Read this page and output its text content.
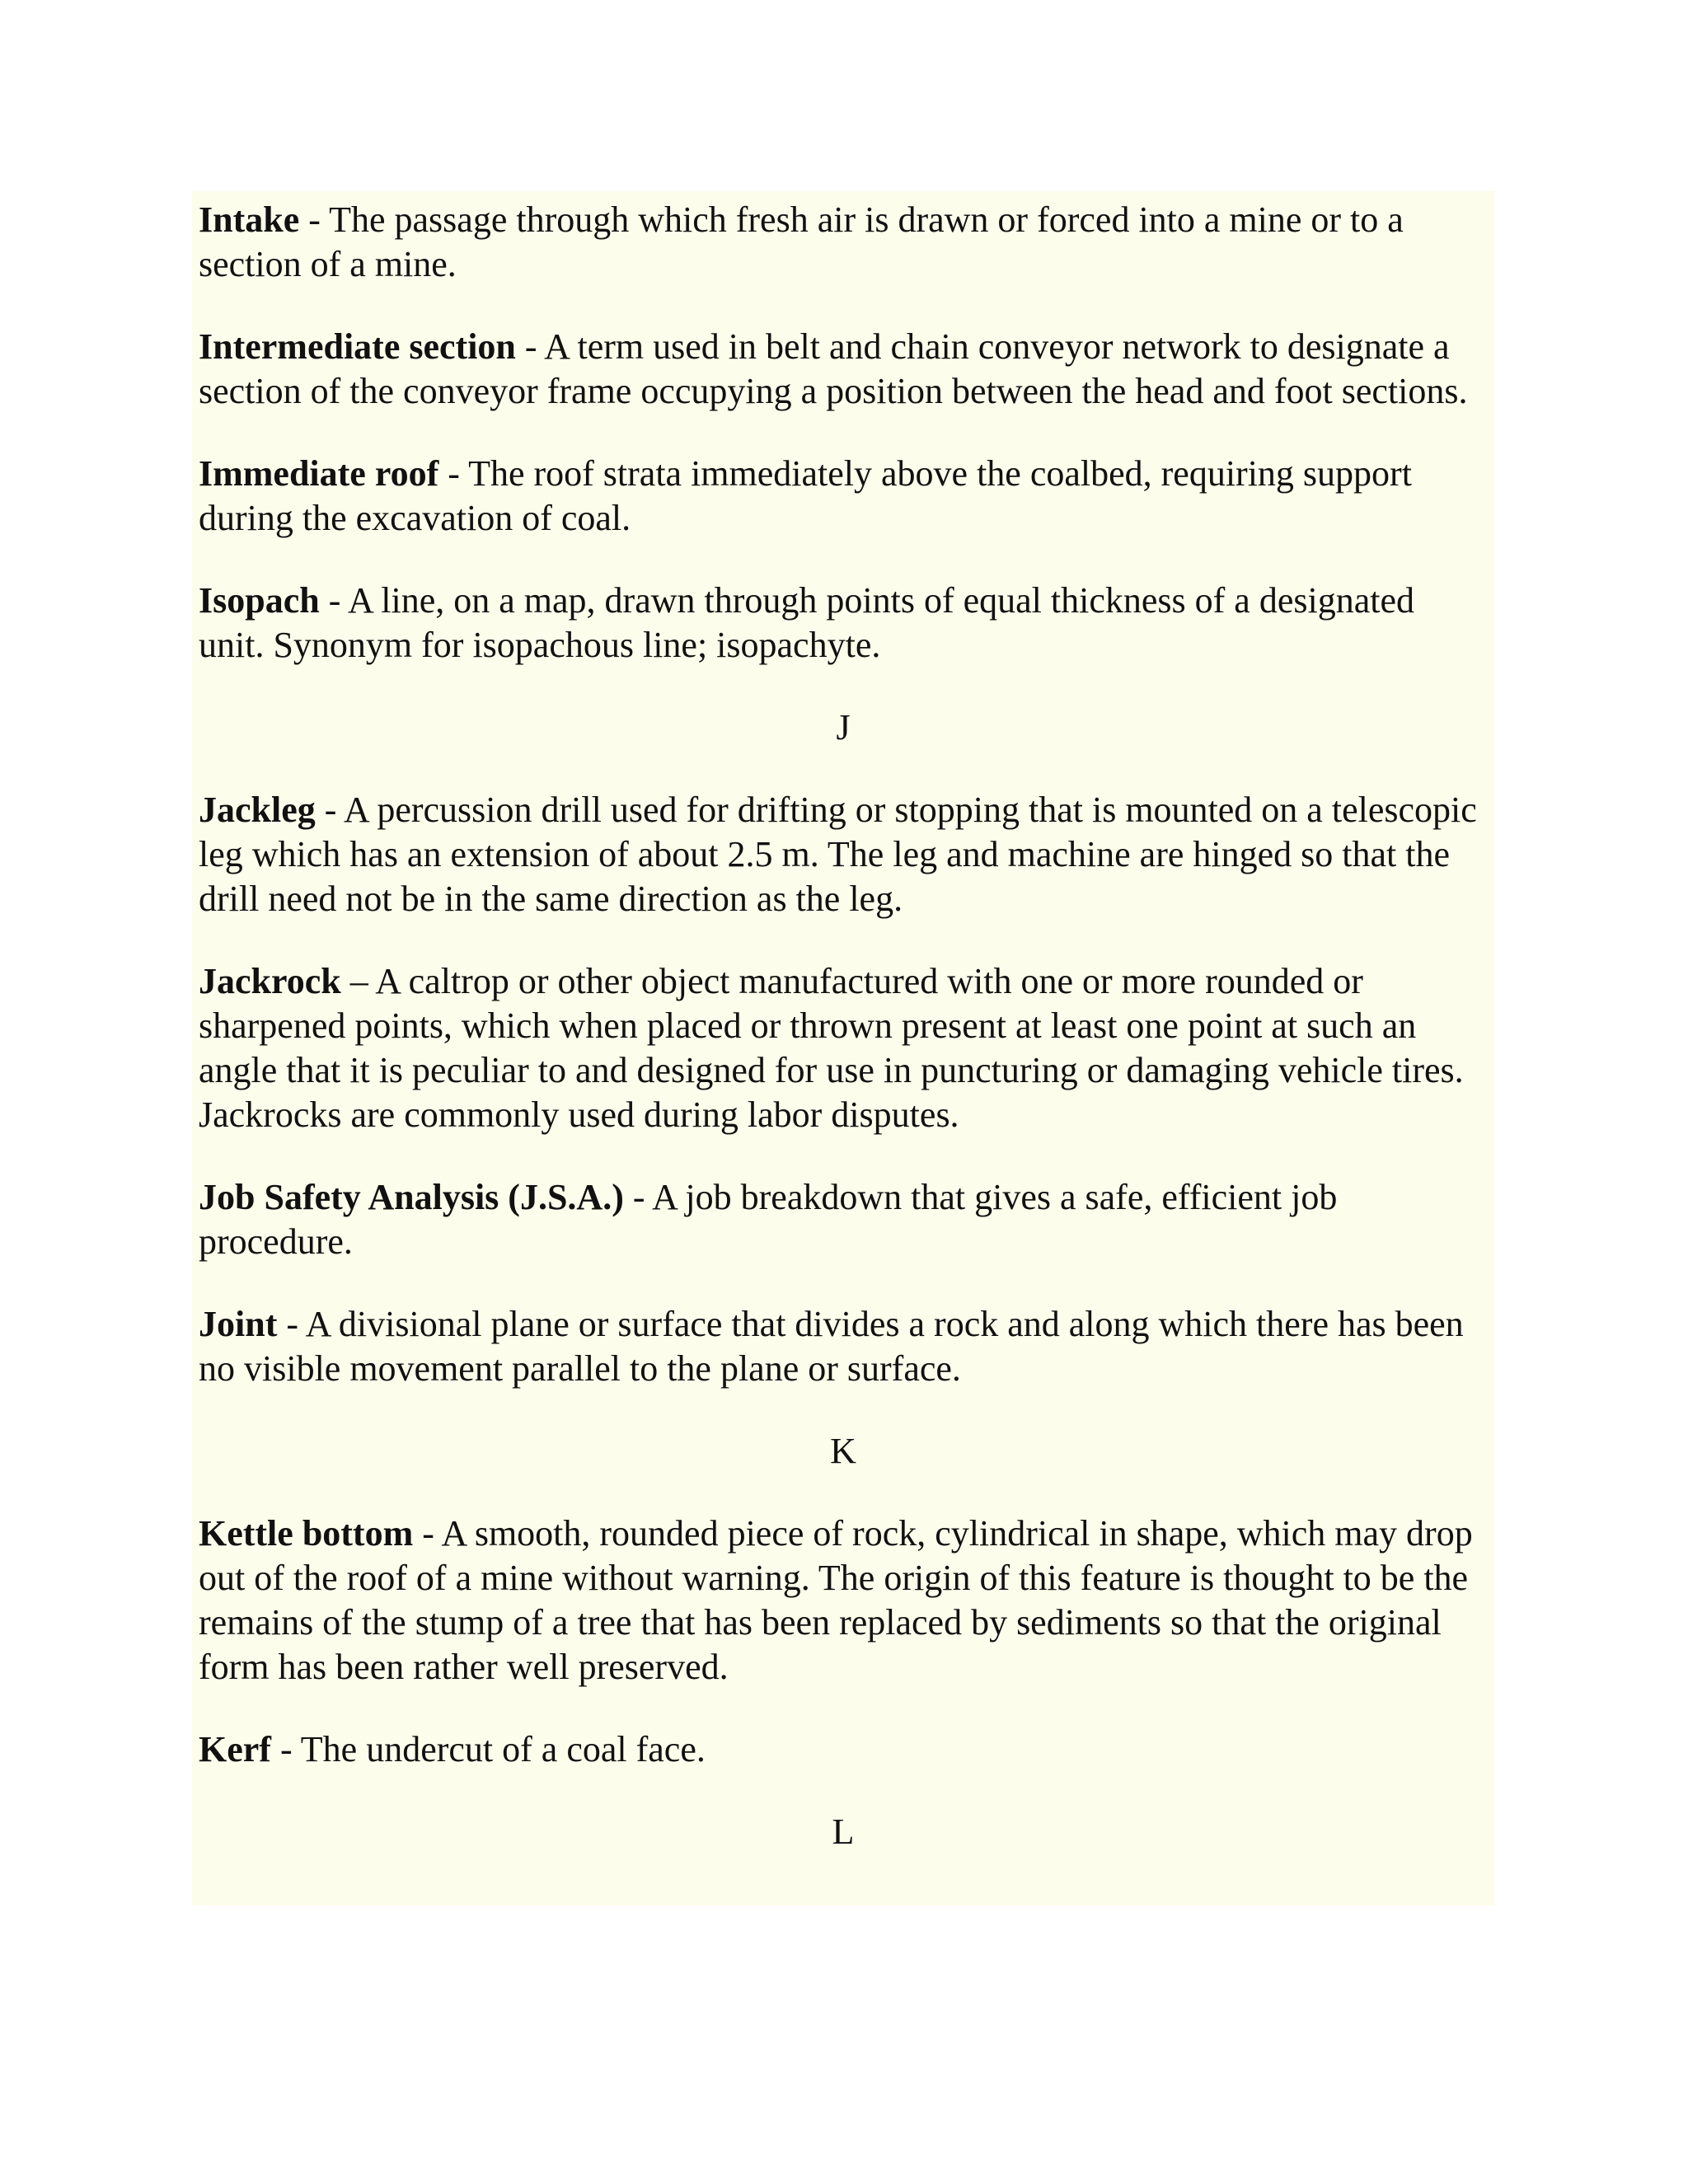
Intake - The passage through which fresh air is drawn or forced into a mine or to a section of a mine.

Intermediate section - A term used in belt and chain conveyor network to designate a section of the conveyor frame occupying a position between the head and foot sections.

Immediate roof - The roof strata immediately above the coalbed, requiring support during the excavation of coal.

Isopach - A line, on a map, drawn through points of equal thickness of a designated unit. Synonym for isopachous line; isopachyte.

J

Jackleg - A percussion drill used for drifting or stopping that is mounted on a telescopic leg which has an extension of about 2.5 m. The leg and machine are hinged so that the drill need not be in the same direction as the leg.

Jackrock – A caltrop or other object manufactured with one or more rounded or sharpened points, which when placed or thrown present at least one point at such an angle that it is peculiar to and designed for use in puncturing or damaging vehicle tires. Jackrocks are commonly used during labor disputes.

Job Safety Analysis (J.S.A.) - A job breakdown that gives a safe, efficient job procedure.

Joint - A divisional plane or surface that divides a rock and along which there has been no visible movement parallel to the plane or surface.

K

Kettle bottom - A smooth, rounded piece of rock, cylindrical in shape, which may drop out of the roof of a mine without warning. The origin of this feature is thought to be the remains of the stump of a tree that has been replaced by sediments so that the original form has been rather well preserved.

Kerf - The undercut of a coal face.

L
